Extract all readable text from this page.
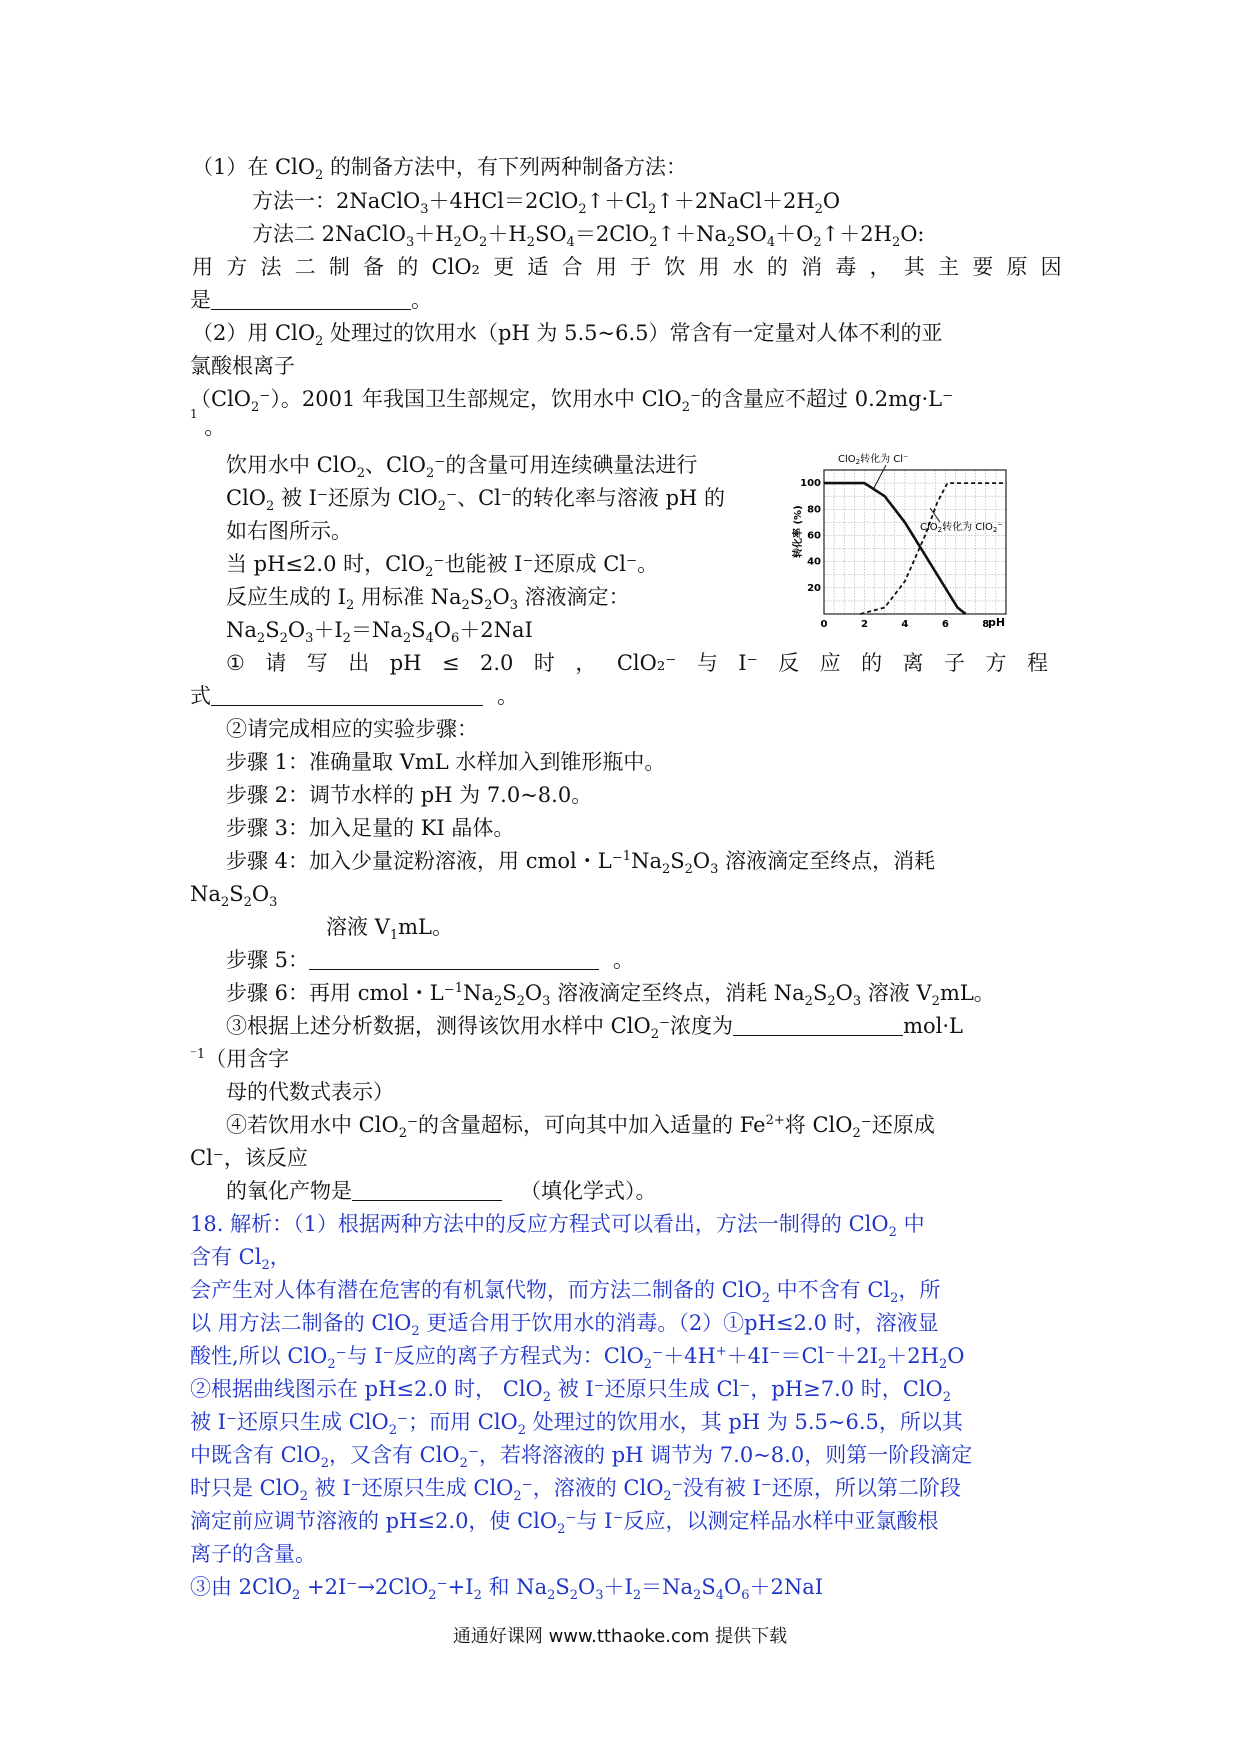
（1）在 ClO$_2$ 的制备方法中，有下列两种制备方法：
方法一：$2NaClO_3+4HCl=2ClO_2↑+Cl_2↑+2NaCl+2H_2O$
方法二 $2NaClO_3+H_2O_2+H_2SO_4=2ClO_2↑+Na_2SO_4+O_2↑+2H_2O$:
用 方 法 二 制 备 的 ClO₂ 更 适 合 用 于 饮 用 水 的 消 毒 ， 其 主 要 原 因
是	。
（2）用 ClO$_2$ 处理过的饮用水（pH 为 5.5~6.5）常含有一定量对人体不利的亚
氯酸根离子
（ClO$_2$⁻）。2001 年我国卫生部规定，饮用水中 ClO$_2$⁻的含量应不超过 0.2mg·L⁻
$^1$ 。
饮用水中 ClO$_2$、ClO$_2$⁻的含量可用连续碘量法进行
ClO$_2$ 被 I⁻还原为 ClO$_2$⁻、Cl⁻的转化率与溶液 pH 的
如右图所示。
当 pH≤2.0 时，ClO$_2$⁻也能被 I⁻还原成 Cl⁻。
反应生成的 $I_2$ 用标准 $Na_2S_2O_3$ 溶液滴定：
$Na_2S_2O_3+I_2=Na_2S_4O_6+2NaI$	0	2	4	6	8
20
40
60
80
100
ClO$_2$转化为 Cl⁻
ClO$_2$转化为 ClO$_2$⁻
转化率 (%)
pH
① 请 写 出 pH ≤ 2.0 时 ， ClO₂⁻ 与 I⁻ 反 应 的 离 子 方 程
式	。
②请完成相应的实验步骤：
步骤 1：准确量取 VmL 水样加入到锥形瓶中。
步骤 2：调节水样的 pH 为 7.0~8.0。
步骤 3：加入足量的 KI 晶体。
步骤 4：加入少量淀粉溶液，用 cmol・$L^-^1Na_2S_2O_3$ 溶液滴定至终点，消耗
$Na_2S_2O_3$
溶液 $V_1mL$。
步骤 5：	。
步骤 6：再用 cmol・$L^-^1Na_2S_2O_3$ 溶液滴定至终点，消耗 $Na_2S_2O_3$ 溶液 $V_2mL$。
③根据上述分析数据，测得该饮用水样中 ClO$_2$⁻浓度为	mol·L
$^{^-1}$（用含字
母的代数式表示）
④若饮用水中 ClO$_2$⁻的含量超标，可向其中加入适量的 $Fe^{2+}$将 ClO$_2$⁻还原成
Cl⁻，该反应
的氧化产物是	（填化学式）。
18. 解析：（1）根据两种方法中的反应方程式可以看出，方法一制得的 ClO$_2$ 中
含有 $Cl_2$，
会产生对人体有潜在危害的有机氯代物，而方法二制备的 ClO$_2$ 中不含有 $Cl_2$，所
以 用方法二制备的 ClO$_2$ 更适合用于饮用水的消毒。（2）①pH≤2.0 时，溶液显
酸性,所以 ClO$_2$⁻与 I⁻反应的离子方程式为：$ClO_2^-+4H^++4I^-=Cl^-+2I_2+2H_2O$
②根据曲线图示在 pH≤2.0 时， ClO$_2$ 被 I⁻还原只生成 Cl⁻，pH≥7.0 时，ClO$_2$
被 I⁻还原只生成 ClO$_2$⁻；而用 ClO$_2$ 处理过的饮用水，其 pH 为 5.5~6.5，所以其
中既含有 ClO$_2$，又含有 ClO$_2$⁻，若将溶液的 pH 调节为 7.0~8.0，则第一阶段滴定
时只是 ClO$_2$ 被 I⁻还原只生成 ClO$_2$⁻，溶液的 ClO$_2$⁻没有被 I⁻还原，所以第二阶段
滴定前应调节溶液的 pH≤2.0，使 ClO$_2$⁻与 I⁻反应，以测定样品水样中亚氯酸根
离子的含量。
③由 $2ClO_2 +2I^-\to 2ClO_2^-+I_2$ 和 $Na_2S_2O_3+I_2=Na_2S_4O_6+2NaI$
通通好课网 www.tthaoke.com 提供下载
